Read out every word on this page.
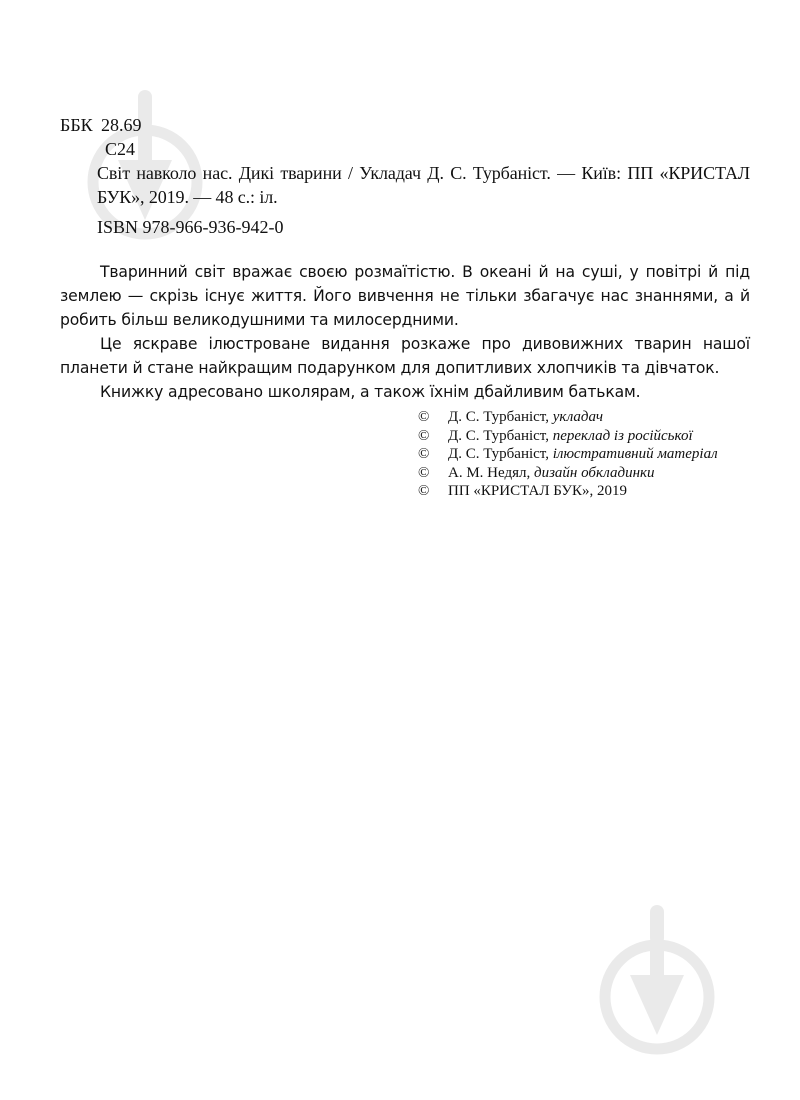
ББК 28.69
С24
Світ навколо нас. Дикі тварини / Укладач Д. С. Турбаніст. — Київ: ПП «КРИСТАЛ БУК», 2019. — 48 с.: іл.
ISBN 978-966-936-942-0

Тваринний світ вражає своєю розмаїтістю. В океані й на суші, у повітрі й під землею — скрізь існує життя. Його вивчення не тільки збагачує нас знаннями, а й робить більш великодушними та милосердними.

Це яскраве ілюстроване видання розкаже про дивовижних тварин нашої планети й стане найкращим подарунком для допитливих хлопчиків та дівчаток.

Книжку адресовано школярам, а також їхнім дбайливим батькам.

©	Д. С. Турбаніст, укладач
©	Д. С. Турбаніст, переклад із російської
©	Д. С. Турбаніст, ілюстративний матеріал
©	А. М. Недял, дизайн обкладинки
©	ПП «КРИСТАЛ БУК», 2019
